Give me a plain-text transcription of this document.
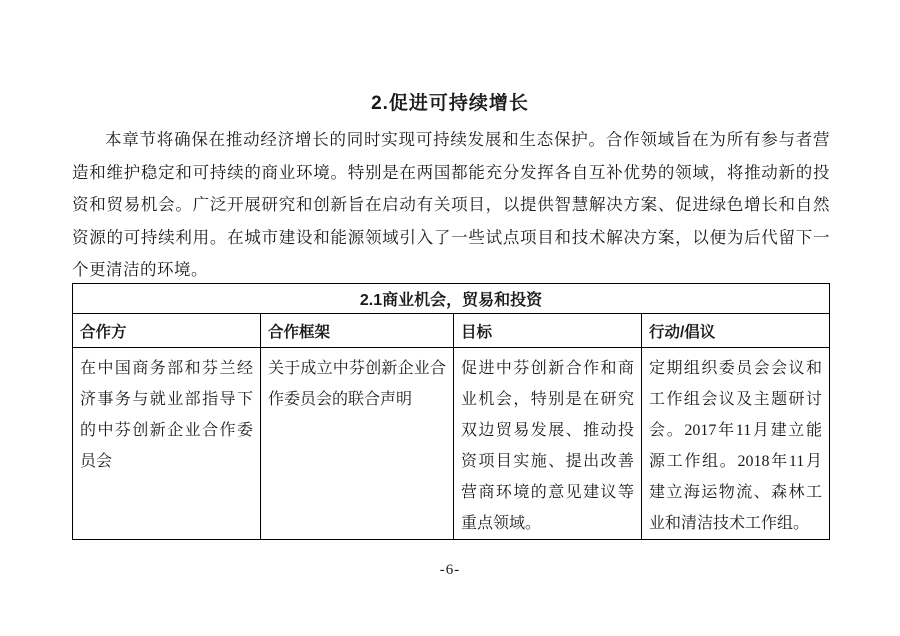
2.促进可持续增长
本章节将确保在推动经济增长的同时实现可持续发展和生态保护。合作领域旨在为所有参与者营造和维护稳定和可持续的商业环境。特别是在两国都能充分发挥各自互补优势的领域，将推动新的投资和贸易机会。广泛开展研究和创新旨在启动有关项目，以提供智慧解决方案、促进绿色增长和自然资源的可持续利用。在城市建设和能源领域引入了一些试点项目和技术解决方案，以便为后代留下一个更清洁的环境。
2.1商业机会，贸易和投资			
合作方	合作框架	目标	行动/倡议
在中国商务部和芬兰经济事务与就业部指导下的中芬创新企业合作委员会	关于成立中芬创新企业合作委员会的联合声明	促进中芬创新合作和商业机会，特别是在研究双边贸易发展、推动投资项目实施、提出改善营商环境的意见建议等重点领域。	定期组织委员会会议和工作组会议及主题研讨会。2017年11月建立能源工作组。2018年11月建立海运物流、森林工业和清洁技术工作组。
-6-
